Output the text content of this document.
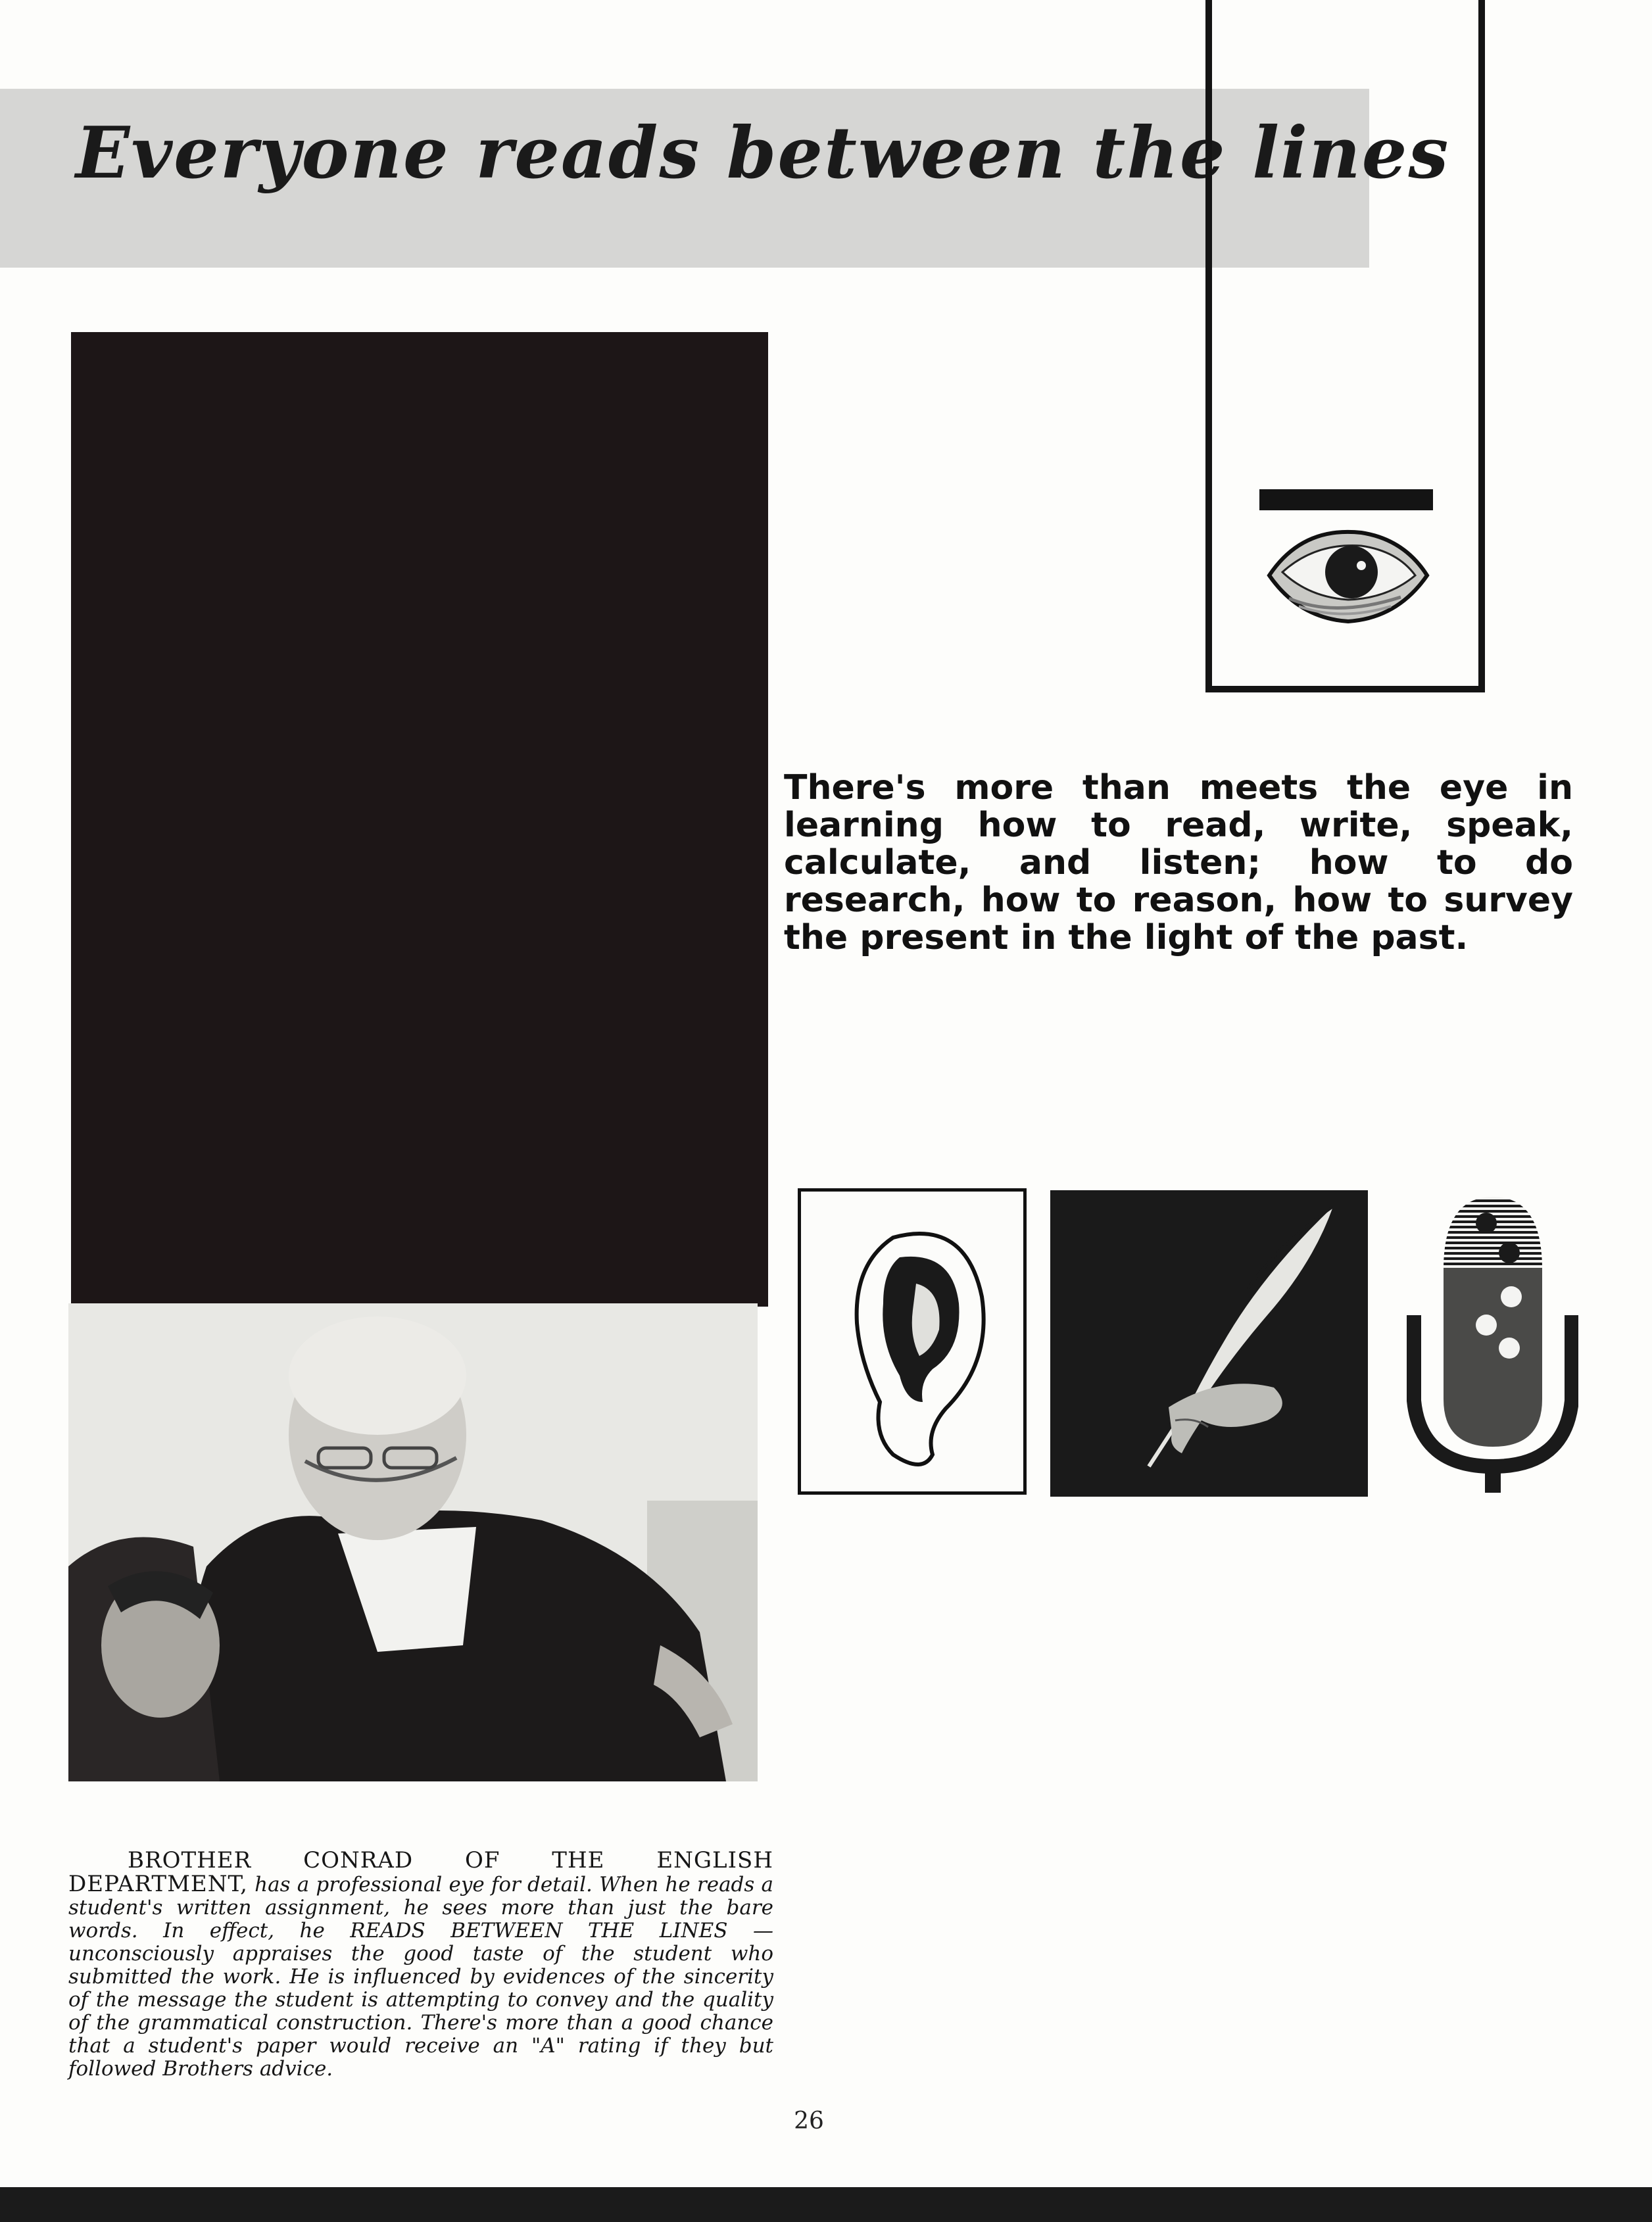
Everyone reads between the lines
There's more than meets the eye in learning how to read, write, speak, calculate, and listen; how to do research, how to reason, how to survey the present in the light of the past.

BROTHER CONRAD OF THE ENGLISH DEPARTMENT, has a professional eye for detail. When he reads a student's written assignment, he sees more than just the bare words. In effect, he READS BETWEEN THE LINES — unconsciously appraises the good taste of the student who submitted the work. He is influenced by evidences of the sincerity of the message the student is attempting to convey and the quality of the grammatical construction. There's more than a good chance that a student's paper would receive an "A" rating if they but followed Brothers advice.

26
